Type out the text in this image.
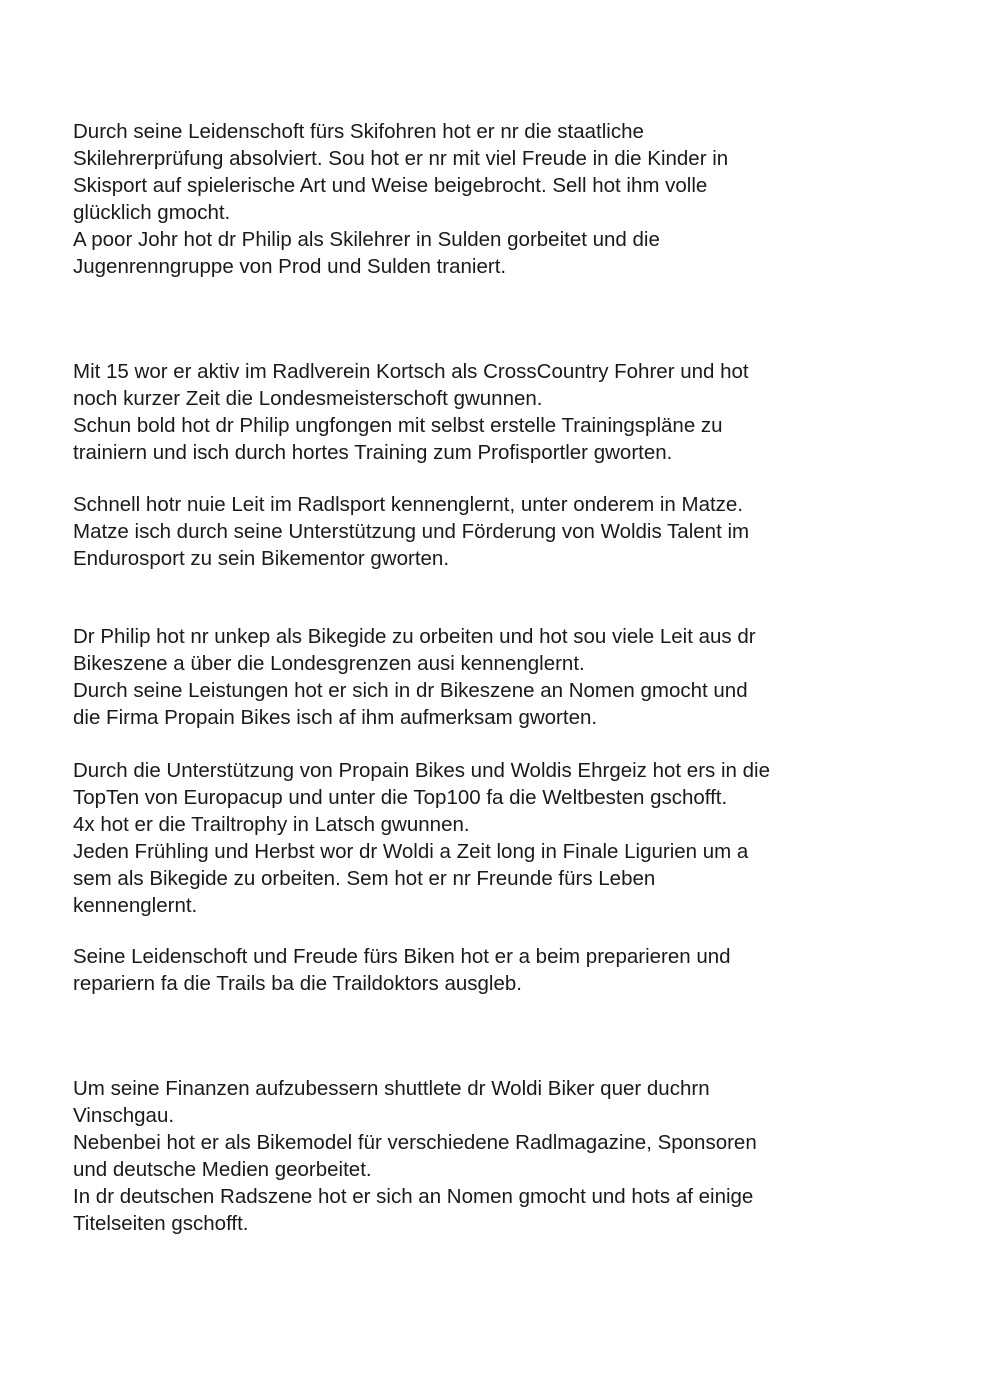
Durch seine Leidenschoft fürs Skifohren hot er nr die staatliche

Skilehrerprüfung absolviert. Sou hot er nr mit viel Freude in die Kinder in

Skisport auf spielerische Art und Weise beigebrocht. Sell hot ihm volle

glücklich gmocht.

A poor Johr hot dr Philip als Skilehrer in Sulden gorbeitet und die

Jugenrenngruppe von Prod und Sulden traniert.

Mit 15 wor er aktiv im Radlverein Kortsch als CrossCountry Fohrer und hot

noch kurzer Zeit die Londesmeisterschoft gwunnen.

Schun bold hot dr Philip ungfongen mit selbst erstelle Trainingspläne zu

trainiern und isch durch hortes Training zum Profisportler gworten.

Schnell hotr nuie Leit im Radlsport kennenglernt, unter onderem in Matze.

Matze isch durch seine Unterstützung und Förderung von Woldis Talent im

Endurosport zu sein Bikementor gworten.

Dr Philip hot nr unkep als Bikegide zu orbeiten und hot sou viele Leit aus dr

Bikeszene a über die Londesgrenzen ausi kennenglernt.

Durch seine Leistungen hot er sich in dr Bikeszene an Nomen gmocht und

die Firma Propain Bikes isch af ihm aufmerksam gworten.

Durch die Unterstützung von Propain Bikes und Woldis Ehrgeiz hot ers in die

TopTen von Europacup und unter die Top100 fa die Weltbesten gschofft.

4x hot er die Trailtrophy in Latsch gwunnen.

Jeden Frühling und Herbst wor dr Woldi a Zeit long in Finale Ligurien um a

sem als Bikegide zu orbeiten. Sem hot er nr Freunde fürs Leben

kennenglernt.

Seine Leidenschoft und Freude fürs Biken hot er a beim preparieren und

repariern fa die Trails ba die Traildoktors ausgleb.

Um seine Finanzen aufzubessern shuttlete dr Woldi Biker quer duchrn

Vinschgau.

Nebenbei hot er als Bikemodel für verschiedene Radlmagazine, Sponsoren

und deutsche Medien georbeitet.

In dr deutschen Radszene hot er sich an Nomen gmocht und hots af einige

Titelseiten gschofft.
